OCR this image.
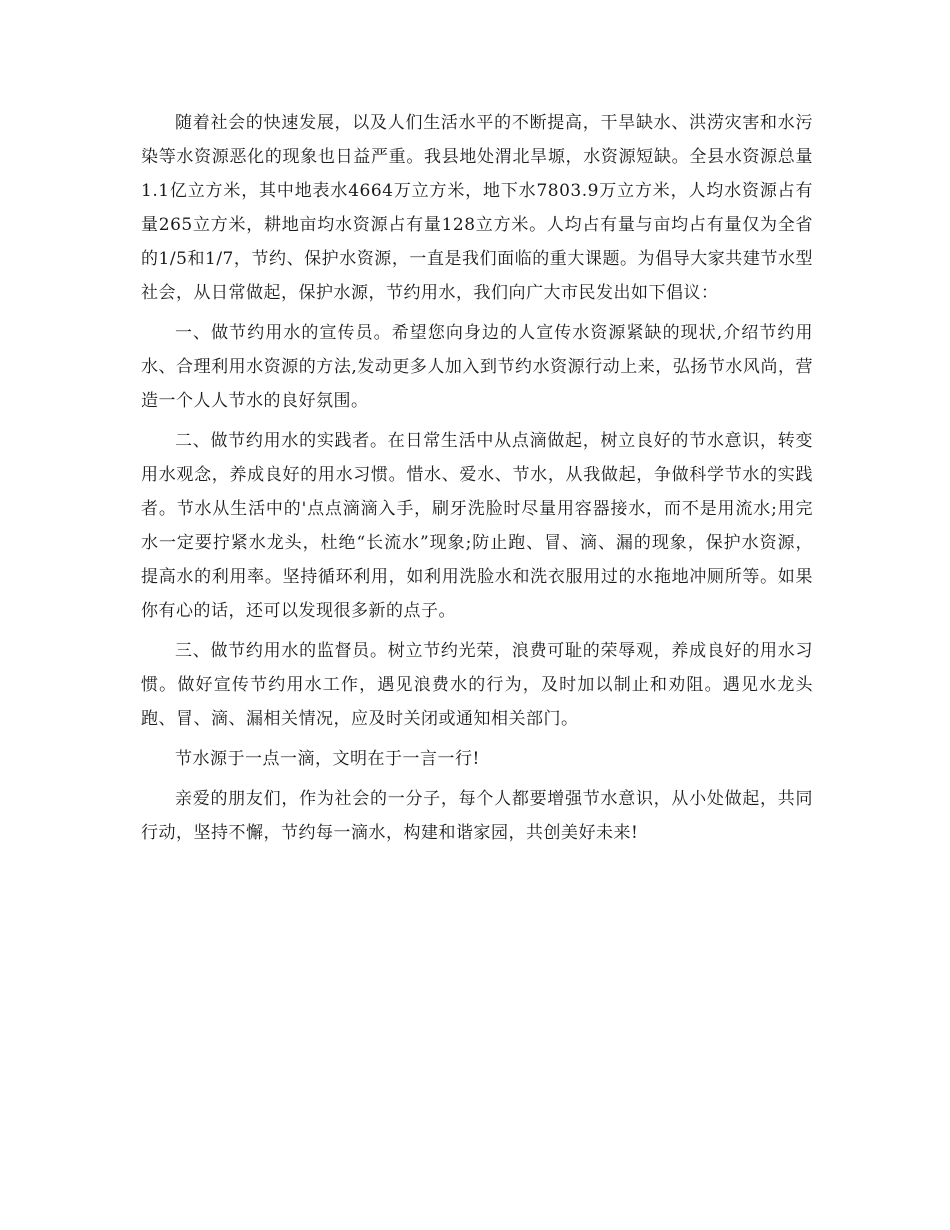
随着社会的快速发展，以及人们生活水平的不断提高，干旱缺水、洪涝灾害和水污染等水资源恶化的现象也日益严重。我县地处渭北旱塬，水资源短缺。全县水资源总量1.1亿立方米，其中地表水4664万立方米，地下水7803.9万立方米，人均水资源占有量265立方米，耕地亩均水资源占有量128立方米。人均占有量与亩均占有量仅为全省的1/5和1/7，节约、保护水资源，一直是我们面临的重大课题。为倡导大家共建节水型社会，从日常做起，保护水源，节约用水，我们向广大市民发出如下倡议：

一、做节约用水的宣传员。希望您向身边的人宣传水资源紧缺的现状,介绍节约用水、合理利用水资源的方法,发动更多人加入到节约水资源行动上来，弘扬节水风尚，营造一个人人节水的良好氛围。

二、做节约用水的实践者。在日常生活中从点滴做起，树立良好的节水意识，转变用水观念，养成良好的用水习惯。惜水、爱水、节水，从我做起，争做科学节水的实践者。节水从生活中的'点点滴滴入手，刷牙洗脸时尽量用容器接水，而不是用流水;用完水一定要拧紧水龙头，杜绝“长流水”现象;防止跑、冒、滴、漏的现象，保护水资源，提高水的利用率。坚持循环利用，如利用洗脸水和洗衣服用过的水拖地冲厕所等。如果你有心的话，还可以发现很多新的点子。

三、做节约用水的监督员。树立节约光荣，浪费可耻的荣辱观，养成良好的用水习惯。做好宣传节约用水工作，遇见浪费水的行为，及时加以制止和劝阻。遇见水龙头跑、冒、滴、漏相关情况，应及时关闭或通知相关部门。

节水源于一点一滴，文明在于一言一行!

亲爱的朋友们，作为社会的一分子，每个人都要增强节水意识，从小处做起，共同行动，坚持不懈，节约每一滴水，构建和谐家园，共创美好未来!
